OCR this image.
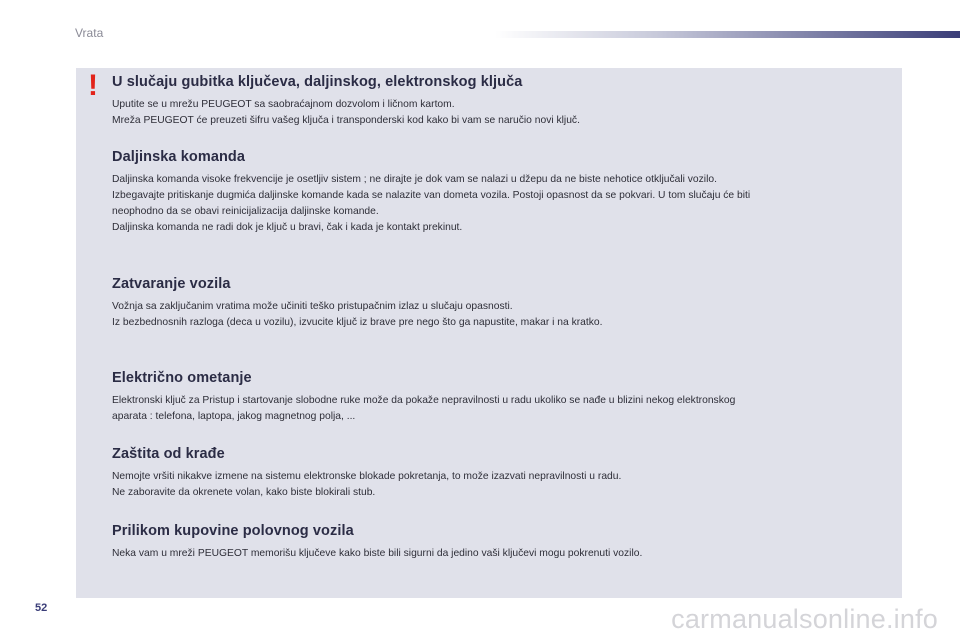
Vrata
! U slučaju gubitka ključeva, daljinskog, elektronskog ključa

Uputite se u mrežu PEUGEOT sa saobraćajnom dozvolom i ličnom kartom.
Mreža PEUGEOT će preuzeti šifru vašeg ključa i transponderski kod kako bi vam se naručio novi ključ.

Daljinska komanda

Daljinska komanda visoke frekvencije je osetljiv sistem ; ne dirajte je dok vam se nalazi u džepu da ne biste nehotice otključali vozilo.
Izbegavajte pritiskanje dugmića daljinske komande kada se nalazite van dometa vozila. Postoji opasnost da se pokvari. U tom slučaju će biti
neophodno da se obavi reinicijalizacija daljinske komande.
Daljinska komanda ne radi dok je ključ u bravi, čak i kada je kontakt prekinut.

Zatvaranje vozila

Vožnja sa zaključanim vratima može učiniti teško pristupačnim izlaz u slučaju opasnosti.
Iz bezbednosnih razloga (deca u vozilu), izvucite ključ iz brave pre nego što ga napustite, makar i na kratko.

Električno ometanje

Elektronski ključ za Pristup i startovanje slobodne ruke može da pokaže nepravilnosti u radu ukoliko se nađe u blizini nekog elektronskog
aparata : telefona, laptopa, jakog magnetnog polja, ...

Zaštita od krađe

Nemojte vršiti nikakve izmene na sistemu elektronske blokade pokretanja, to može izazvati nepravilnosti u radu.
Ne zaboravite da okrenete volan, kako biste blokirali stub.

Prilikom kupovine polovnog vozila

Neka vam u mreži PEUGEOT memorišu ključeve kako biste bili sigurni da jedino vaši ključevi mogu pokrenuti vozilo.

52	carmanualsonline.info
